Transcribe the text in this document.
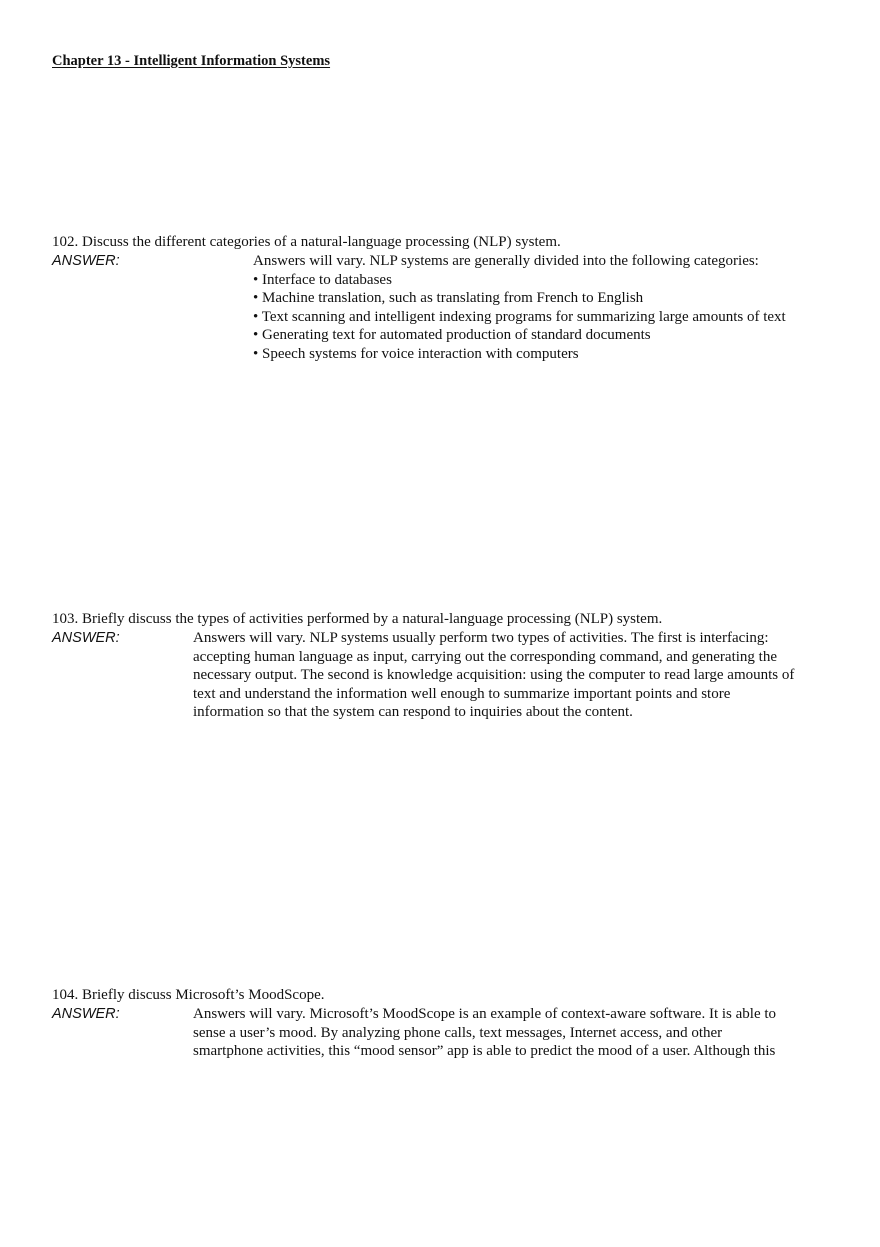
Chapter 13 - Intelligent Information Systems
102. Discuss the different categories of a natural-language processing (NLP) system.
ANSWER:	Answers will vary. NLP systems are generally divided into the following categories:
• Interface to databases
• Machine translation, such as translating from French to English
• Text scanning and intelligent indexing programs for summarizing large amounts of text
• Generating text for automated production of standard documents
• Speech systems for voice interaction with computers
103. Briefly discuss the types of activities performed by a natural-language processing (NLP) system.
ANSWER:	Answers will vary. NLP systems usually perform two types of activities. The first is interfacing:
accepting human language as input, carrying out the corresponding command, and generating the
necessary output. The second is knowledge acquisition: using the computer to read large amounts of
text and understand the information well enough to summarize important points and store
information so that the system can respond to inquiries about the content.
104. Briefly discuss Microsoft’s MoodScope.
ANSWER:	Answers will vary. Microsoft’s MoodScope is an example of context-aware software. It is able to
sense a user’s mood. By analyzing phone calls, text messages, Internet access, and other
smartphone activities, this “mood sensor” app is able to predict the mood of a user. Although this
